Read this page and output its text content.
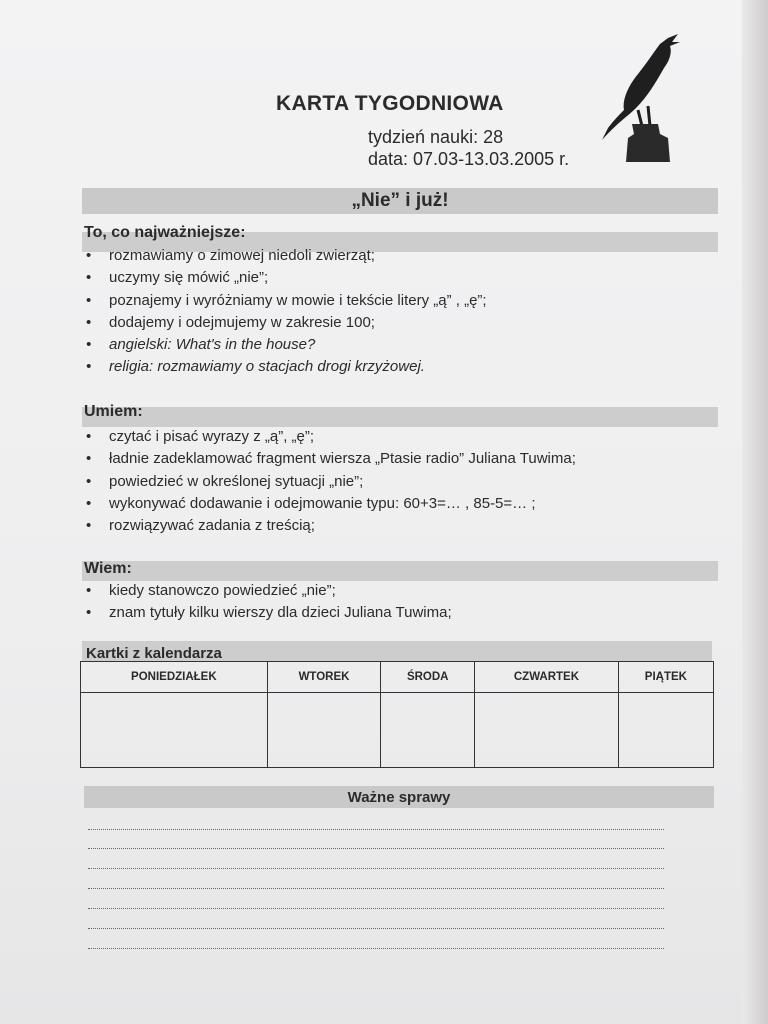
KARTA TYGODNIOWA
tydzień nauki: 28
data: 07.03-13.03.2005 r.
„Nie” i już!
To, co najważniejsze:
• rozmawiamy o zimowej niedoli zwierząt;
• uczymy się mówić „nie”;
• poznajemy i wyróżniamy w mowie i tekście litery „ą” , „ę”;
• dodajemy i odejmujemy w zakresie 100;
• angielski: What's in the house?
• religia: rozmawiamy o stacjach drogi krzyżowej.
Umiem:
• czytać i pisać wyrazy z „ą”, „ę”;
• ładnie zadeklamować fragment wiersza „Ptasie radio” Juliana Tuwima;
• powiedzieć w określonej sytuacji „nie”;
• wykonywać dodawanie i odejmowanie typu: 60+3=… , 85-5=… ;
• rozwiązywać zadania z treścią;
Wiem:
• kiedy stanowczo powiedzieć „nie”;
• znam tytuły kilku wierszy dla dzieci Juliana Tuwima;
Kartki z kalendarza
PONIEDZIAŁEK	WTOREK	ŚRODA	CZWARTEK	PIĄTEK

Ważne sprawy
